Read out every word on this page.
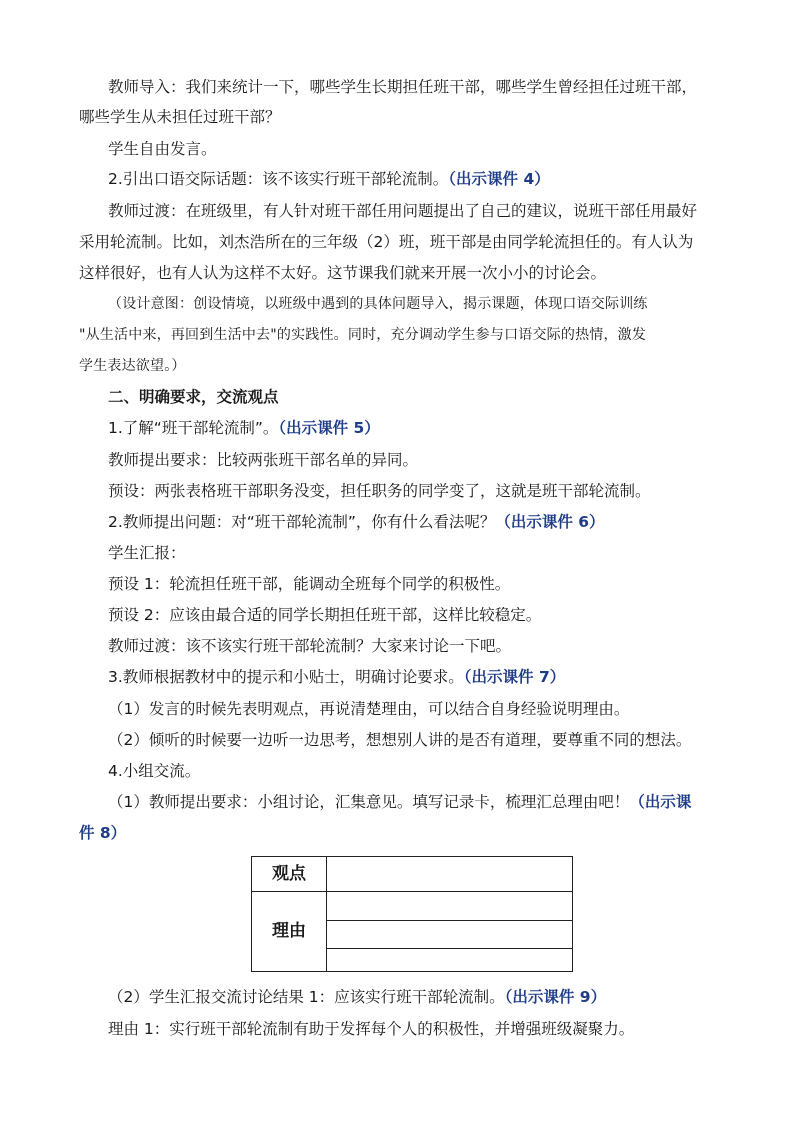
教师导入：我们来统计一下，哪些学生长期担任班干部，哪些学生曾经担任过班干部，
哪些学生从未担任过班干部？
学生自由发言。
2.引出口语交际话题：该不该实行班干部轮流制。（出示课件 4）
教师过渡：在班级里，有人针对班干部任用问题提出了自己的建议，说班干部任用最好
采用轮流制。比如，刘杰浩所在的三年级（2）班，班干部是由同学轮流担任的。有人认为
这样很好，也有人认为这样不太好。这节课我们就来开展一次小小的讨论会。
（设计意图：创设情境，以班级中遇到的具体问题导入，揭示课题，体现口语交际训练
"从生活中来，再回到生活中去"的实践性。同时，充分调动学生参与口语交际的热情，激发
学生表达欲望。）
二、明确要求，交流观点
1.了解“班干部轮流制”。（出示课件 5）
教师提出要求：比较两张班干部名单的异同。
预设：两张表格班干部职务没变，担任职务的同学变了，这就是班干部轮流制。
2.教师提出问题：对“班干部轮流制”，你有什么看法呢？（出示课件 6）
学生汇报：
预设 1：轮流担任班干部，能调动全班每个同学的积极性。
预设 2：应该由最合适的同学长期担任班干部，这样比较稳定。
教师过渡：该不该实行班干部轮流制？大家来讨论一下吧。
3.教师根据教材中的提示和小贴士，明确讨论要求。（出示课件 7）
（1）发言的时候先表明观点，再说清楚理由，可以结合自身经验说明理由。
（2）倾听的时候要一边听一边思考，想想别人讲的是否有道理，要尊重不同的想法。
4.小组交流。
（1）教师提出要求：小组讨论，汇集意见。填写记录卡，梳理汇总理由吧！（出示课
件 8）
观点
理由
（2）学生汇报交流讨论结果 1：应该实行班干部轮流制。（出示课件 9）
理由 1：实行班干部轮流制有助于发挥每个人的积极性，并增强班级凝聚力。
